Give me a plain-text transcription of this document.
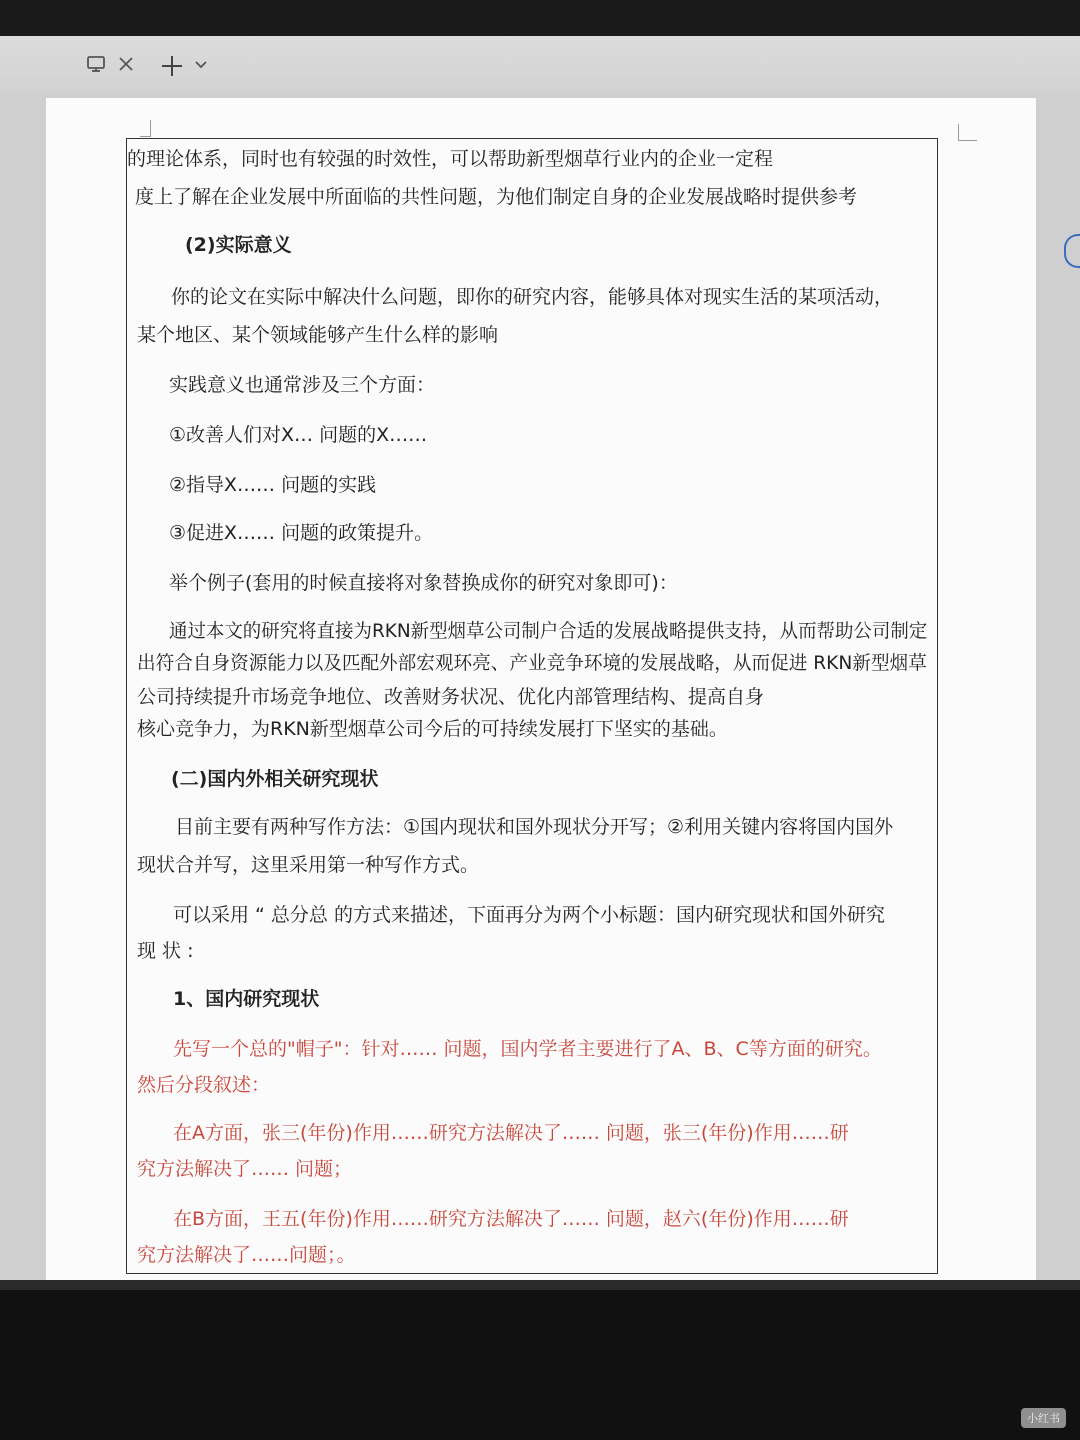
的理论体系，同时也有较强的时效性，可以帮助新型烟草行业内的企业一定程
度上了解在企业发展中所面临的共性问题，为他们制定自身的企业发展战略时提供参考
(2)实际意义
你的论文在实际中解决什么问题，即你的研究内容，能够具体对现实生活的某项活动，
某个地区、某个领域能够产生什么样的影响
实践意义也通常涉及三个方面：
①改善人们对X… 问题的X……
②指导X…… 问题的实践
③促进X…… 问题的政策提升。
举个例子(套用的时候直接将对象替换成你的研究对象即可)：
通过本文的研究将直接为RKN新型烟草公司制户合适的发展战略提供支持，从而帮助公司制定
出符合自身资源能力以及匹配外部宏观环亮、产业竞争环境的发展战略，从而促进 RKN新型烟草
公司持续提升市场竞争地位、改善财务状况、优化内部管理结构、提高自身
核心竞争力，为RKN新型烟草公司今后的可持续发展打下坚实的基础。
(二)国内外相关研究现状
目前主要有两种写作方法：①国内现状和国外现状分开写；②利用关键内容将国内国外
现状合并写，这里采用第一种写作方式。
可以采用 “ 总分总 的方式来描述，下面再分为两个小标题：国内研究现状和国外研究
现 状 :
1、国内研究现状
先写一个总的"帽子"：针对…… 问题，国内学者主要进行了A、B、C等方面的研究。
然后分段叙述：
在A方面，张三(年份)作用……研究方法解决了…… 问题，张三(年份)作用……研
究方法解决了…… 问题；
在B方面，王五(年份)作用……研究方法解决了…… 问题，赵六(年份)作用……研
究方法解决了……问题；。
小红书
